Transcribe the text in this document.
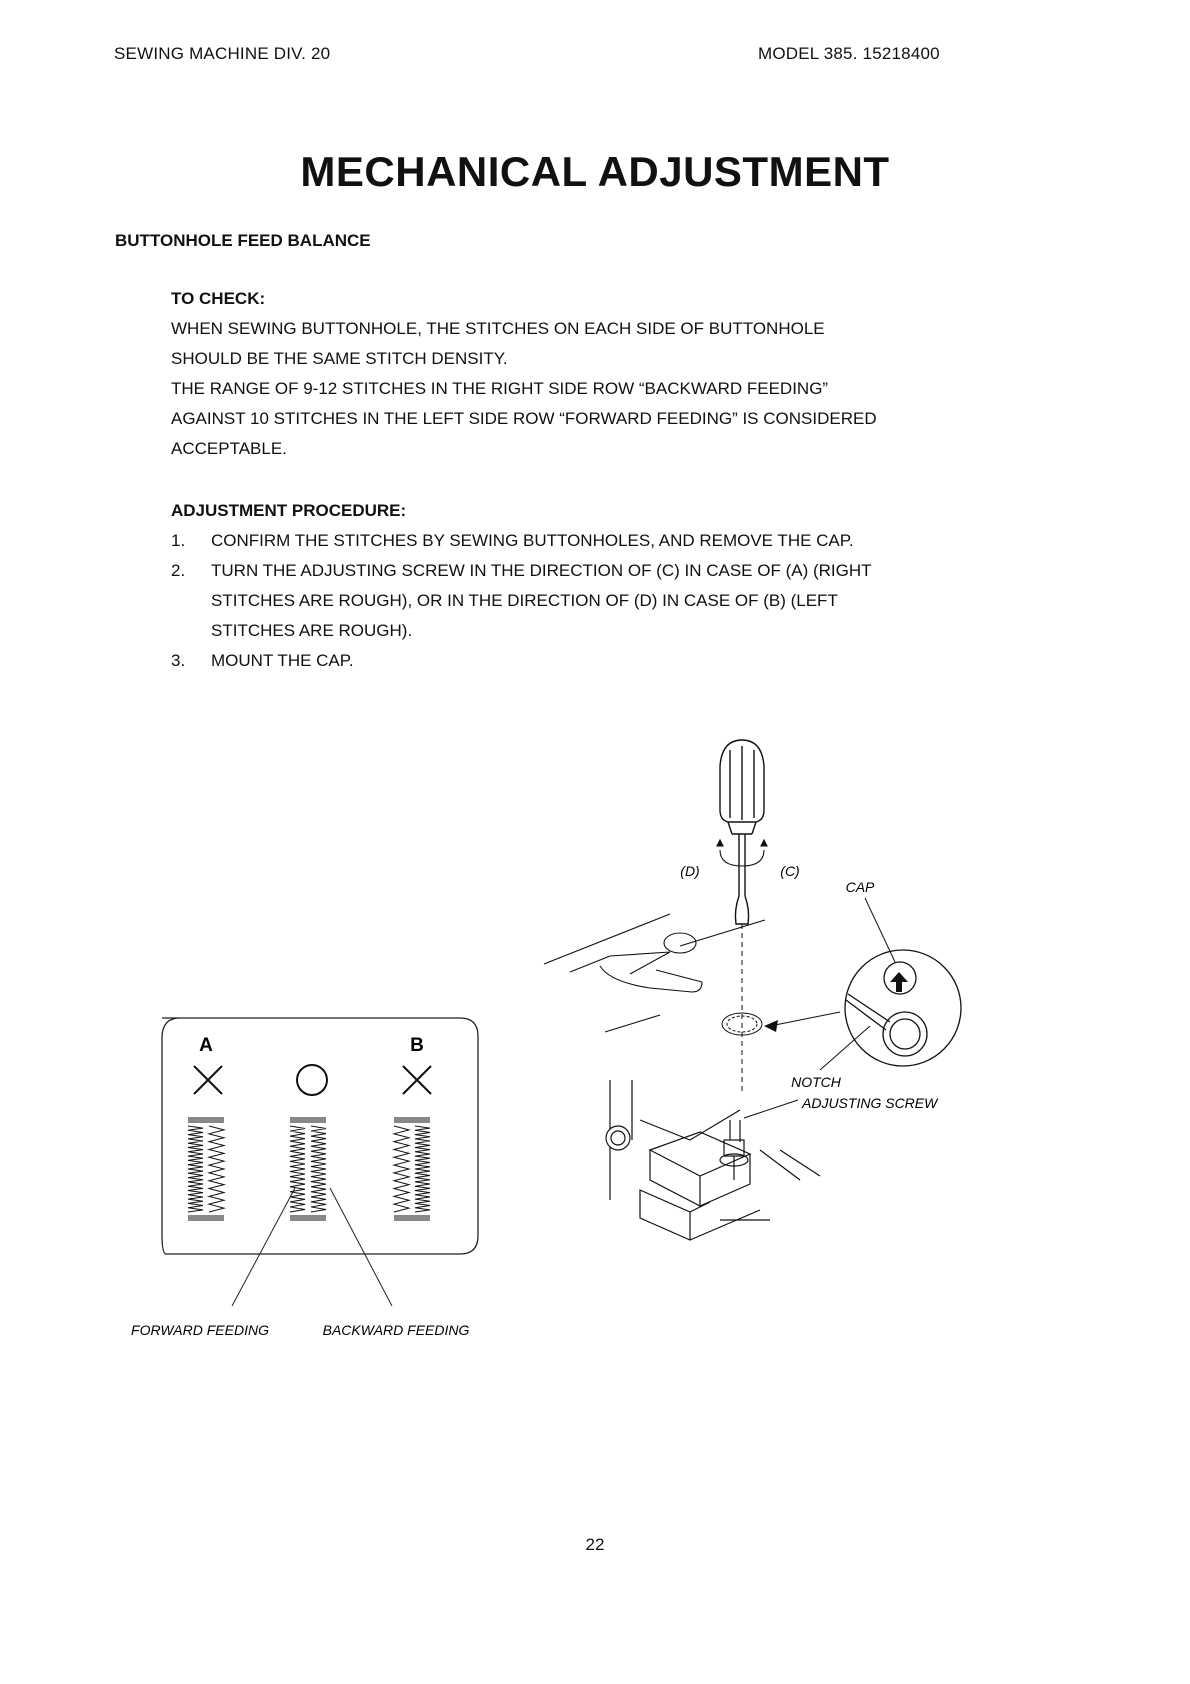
SEWING MACHINE DIV. 20	MODEL 385. 15218400
MECHANICAL ADJUSTMENT
BUTTONHOLE FEED BALANCE
TO CHECK:

WHEN SEWING BUTTONHOLE, THE STITCHES ON EACH SIDE OF BUTTONHOLE

SHOULD BE THE SAME STITCH DENSITY.

THE RANGE OF 9-12 STITCHES IN THE RIGHT SIDE ROW “BACKWARD FEEDING”

AGAINST 10 STITCHES IN THE LEFT SIDE ROW “FORWARD FEEDING” IS CONSIDERED

ACCEPTABLE.

ADJUSTMENT PROCEDURE:
1. CONFIRM THE STITCHES BY SEWING BUTTONHOLES, AND REMOVE THE CAP.
2. TURN THE ADJUSTING SCREW IN THE DIRECTION OF (C) IN CASE OF (A) (RIGHT
STITCHES ARE ROUGH), OR IN THE DIRECTION OF (D) IN CASE OF (B) (LEFT
STITCHES ARE ROUGH).
3. MOUNT THE CAP.
A	B
FORWARD FEEDING	BACKWARD FEEDING
(D)	(C)
CAP
NOTCH
ADJUSTING SCREW
22
